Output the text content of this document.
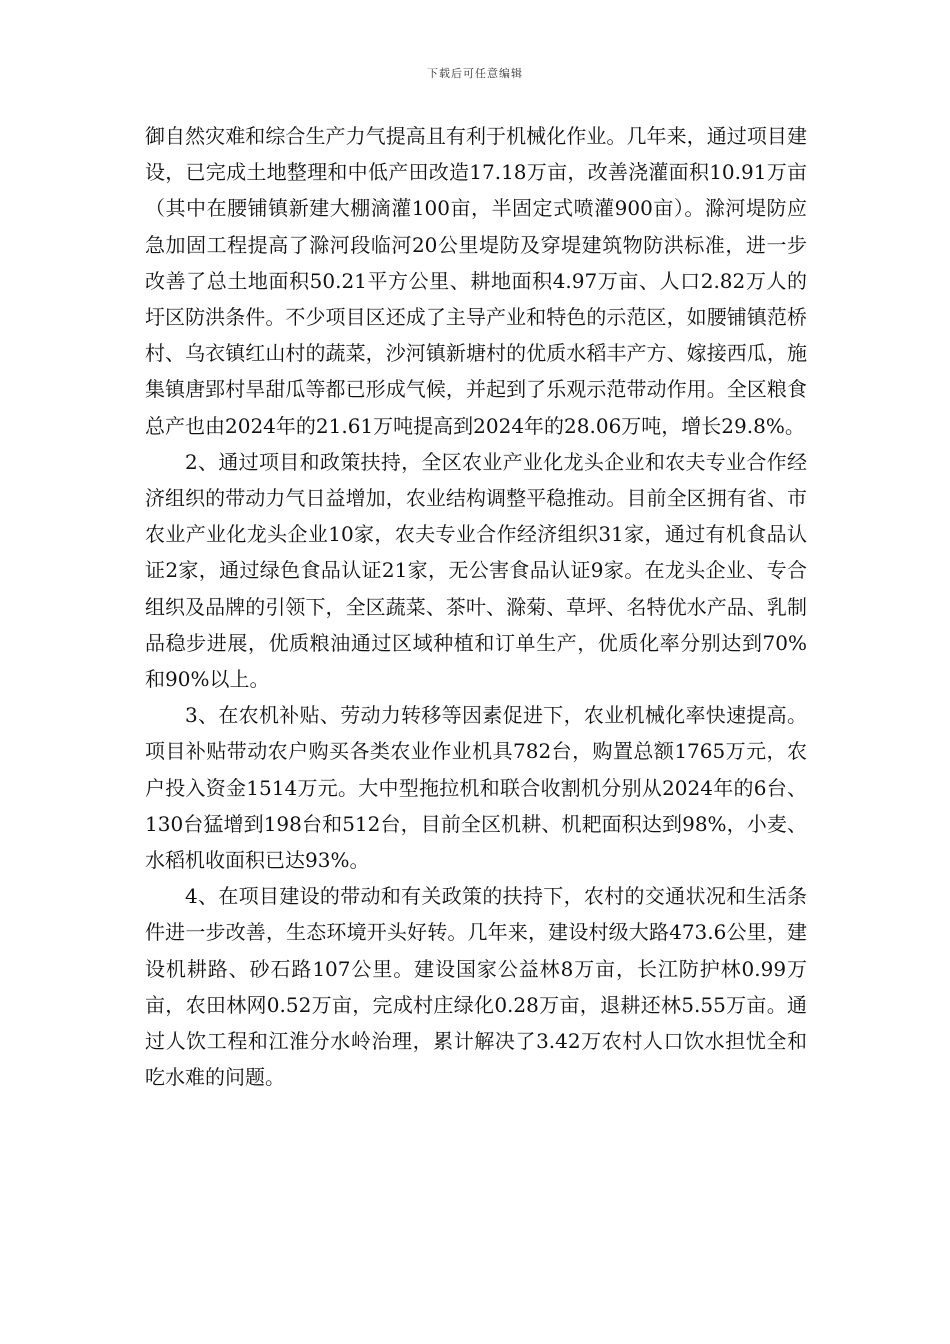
下载后可任意编辑

御自然灾难和综合生产力气提高且有利于机械化作业。几年来，通过项目建设，已完成土地整理和中低产田改造17.18万亩，改善浇灌面积10.91万亩（其中在腰铺镇新建大棚滴灌100亩，半固定式喷灌900亩）。滁河堤防应急加固工程提高了滁河段临河20公里堤防及穿堤建筑物防洪标准，进一步改善了总土地面积50.21平方公里、耕地面积4.97万亩、人口2.82万人的圩区防洪条件。不少项目区还成了主导产业和特色的示范区，如腰铺镇范桥村、乌衣镇红山村的蔬菜，沙河镇新塘村的优质水稻丰产方、嫁接西瓜，施集镇唐郢村旱甜瓜等都已形成气候，并起到了乐观示范带动作用。全区粮食总产也由2024年的21.61万吨提高到2024年的28.06万吨，增长29.8%。

2、通过项目和政策扶持，全区农业产业化龙头企业和农夫专业合作经济组织的带动力气日益增加，农业结构调整平稳推动。目前全区拥有省、市农业产业化龙头企业10家，农夫专业合作经济组织31家，通过有机食品认证2家，通过绿色食品认证21家，无公害食品认证9家。在龙头企业、专合组织及品牌的引领下，全区蔬菜、茶叶、滁菊、草坪、名特优水产品、乳制品稳步进展，优质粮油通过区域种植和订单生产，优质化率分别达到70%和90%以上。

3、在农机补贴、劳动力转移等因素促进下，农业机械化率快速提高。项目补贴带动农户购买各类农业作业机具782台，购置总额1765万元，农户投入资金1514万元。大中型拖拉机和联合收割机分别从2024年的6台、130台猛增到198台和512台，目前全区机耕、机耙面积达到98%，小麦、水稻机收面积已达93%。

4、在项目建设的带动和有关政策的扶持下，农村的交通状况和生活条件进一步改善，生态环境开头好转。几年来，建设村级大路473.6公里，建设机耕路、砂石路107公里。建设国家公益林8万亩，长江防护林0.99万亩，农田林网0.52万亩，完成村庄绿化0.28万亩，退耕还林5.55万亩。通过人饮工程和江淮分水岭治理，累计解决了3.42万农村人口饮水担忧全和吃水难的问题。
